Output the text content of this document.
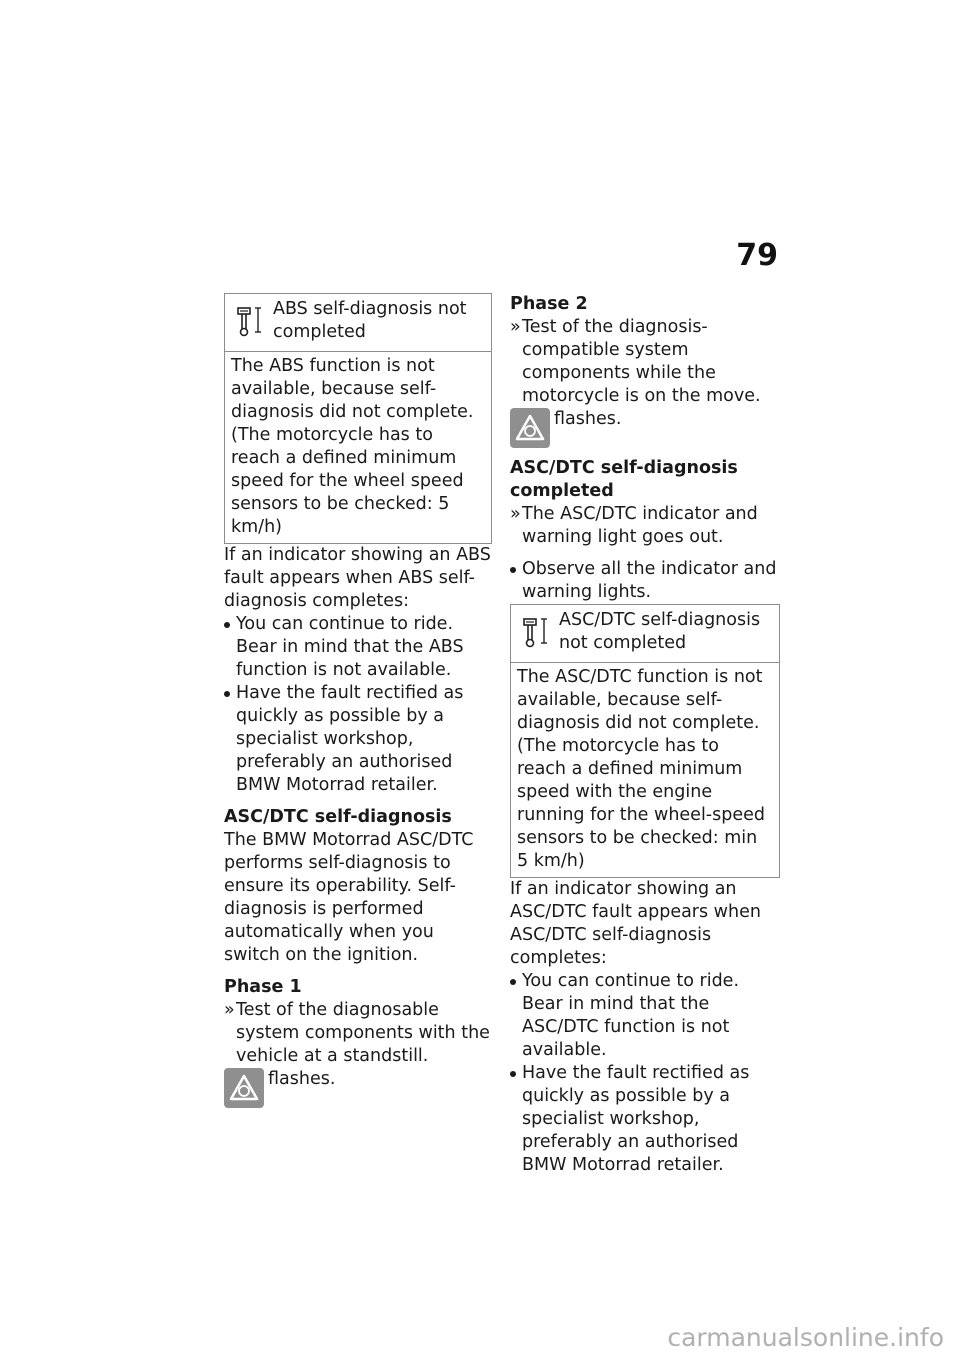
79
ABS self-diagnosis not completed
The ABS function is not available, because self-diagnosis did not complete. (The motorcycle has to reach a defined minimum speed for the wheel speed sensors to be checked: 5 km/h)

If an indicator showing an ABS fault appears when ABS self-diagnosis completes:

You can continue to ride. Bear in mind that the ABS function is not available.
Have the fault rectified as quickly as possible by a specialist workshop, preferably an authorised BMW Motorrad retailer.

ASC/DTC self-diagnosis

The BMW Motorrad ASC/DTC performs self-diagnosis to ensure its operability. Self-diagnosis is performed automatically when you switch on the ignition.

Phase 1

» Test of the diagnosable system components with the vehicle at a standstill.
flashes.

Phase 2

» Test of the diagnosis-compatible system components while the motorcycle is on the move.
flashes.

ASC/DTC self-diagnosis completed

» The ASC/DTC indicator and warning light goes out.
Observe all the indicator and warning lights.
ASC/DTC self-diagnosis not completed
The ASC/DTC function is not available, because self-diagnosis did not complete. (The motorcycle has to reach a defined minimum speed with the engine running for the wheel-speed sensors to be checked: min 5 km/h)

If an indicator showing an ASC/DTC fault appears when ASC/DTC self-diagnosis completes:

You can continue to ride. Bear in mind that the ASC/DTC function is not available.
Have the fault rectified as quickly as possible by a specialist workshop, preferably an authorised BMW Motorrad retailer.
carmanualsonline.info
